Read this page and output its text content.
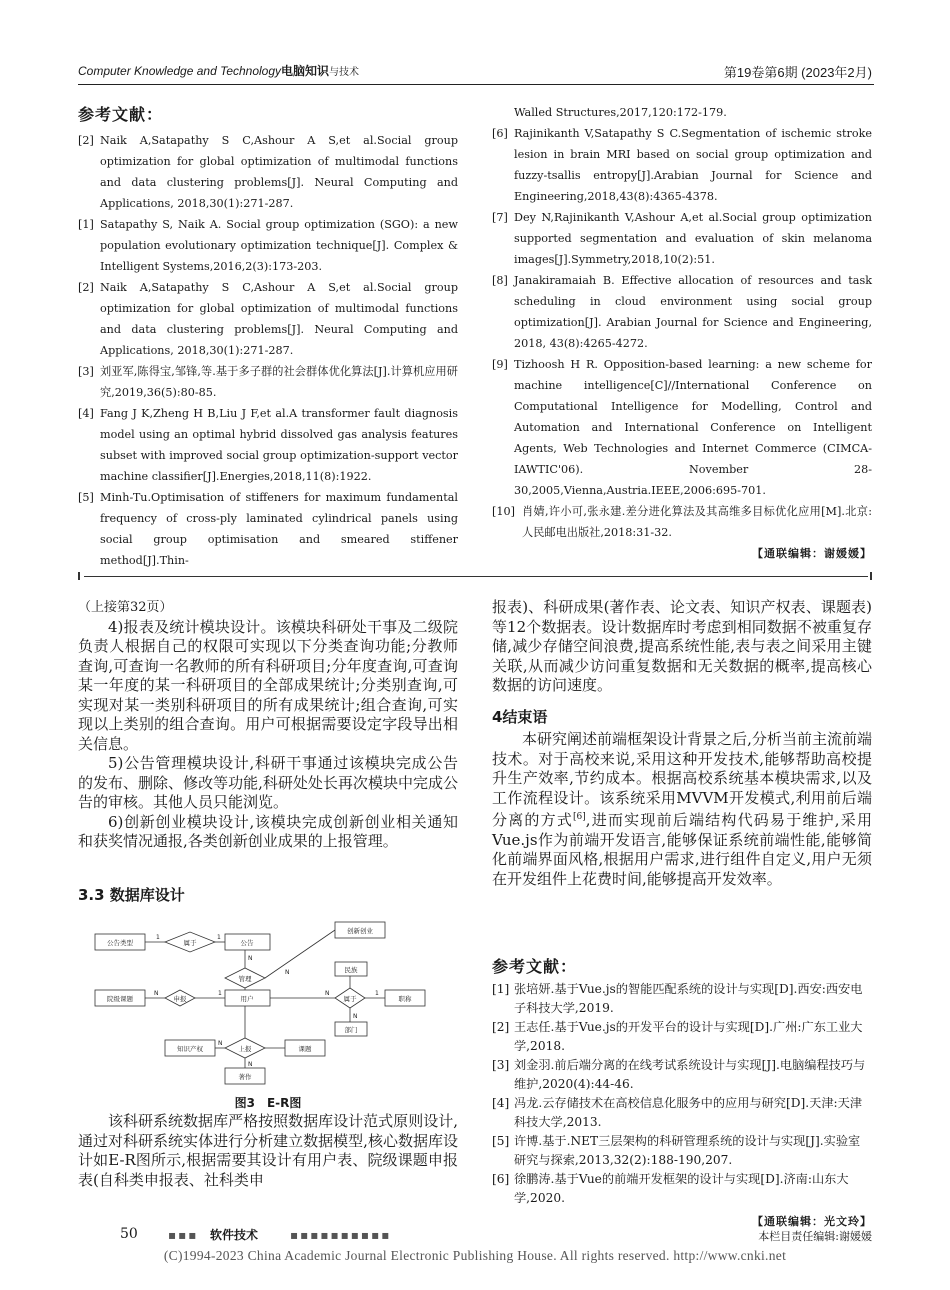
Computer Knowledge and Technology电脑知识与技术	第19卷第6期 (2023年2月)
参考文献：
[2] Naik A,Satapathy S C,Ashour A S,et al.Social group optimization for global optimization of multimodal functions and data clustering problems[J]. Neural Computing and Applications, 2018,30(1):271-287.
[1] Satapathy S, Naik A. Social group optimization (SGO): a new population evolutionary optimization technique[J]. Complex & Intelligent Systems,2016,2(3):173-203.
[2] Naik A,Satapathy S C,Ashour A S,et al.Social group optimization for global optimization of multimodal functions and data clustering problems[J]. Neural Computing and Applications, 2018,30(1):271-287.
[3] 刘亚军,陈得宝,邹锋,等.基于多子群的社会群体优化算法[J].计算机应用研究,2019,36(5):80-85.
[4] Fang J K,Zheng H B,Liu J F,et al.A transformer fault diagnosis model using an optimal hybrid dissolved gas analysis features subset with improved social group optimization-support vector machine classifier[J].Energies,2018,11(8):1922.
[5] Minh-Tu.Optimisation of stiffeners for maximum fundamental frequency of cross-ply laminated cylindrical panels using social group optimisation and smeared stiffener method[J].Thin-
Walled Structures,2017,120:172-179.
[6] Rajinikanth V,Satapathy S C.Segmentation of ischemic stroke lesion in brain MRI based on social group optimization and fuzzy-tsallis entropy[J].Arabian Journal for Science and Engineering,2018,43(8):4365-4378.
[7] Dey N,Rajinikanth V,Ashour A,et al.Social group optimization supported segmentation and evaluation of skin melanoma images[J].Symmetry,2018,10(2):51.
[8] Janakiramaiah B. Effective allocation of resources and task scheduling in cloud environment using social group optimization[J]. Arabian Journal for Science and Engineering, 2018, 43(8):4265-4272.
[9] Tizhoosh H R. Opposition-based learning: a new scheme for machine intelligence[C]//International Conference on Computational Intelligence for Modelling, Control and Automation and International Conference on Intelligent Agents, Web Technologies and Internet Commerce (CIMCA-IAWTIC'06). November 28-30,2005,Vienna,Austria.IEEE,2006:695-701.
[10] 肖婧,许小可,张永建.差分进化算法及其高维多目标优化应用[M].北京:人民邮电出版社,2018:31-32.
【通联编辑：谢媛媛】

（上接第32页）

4)报表及统计模块设计。该模块科研处干事及二级院负责人根据自己的权限可实现以下分类查询功能;分教师查询,可查询一名教师的所有科研项目;分年度查询,可查询某一年度的某一科研项目的全部成果统计;分类别查询,可实现对某一类别科研项目的所有成果统计;组合查询,可实现以上类别的组合查询。用户可根据需要设定字段导出相关信息。

5)公告管理模块设计,科研干事通过该模块完成公告的发布、删除、修改等功能,科研处处长再次模块中完成公告的审核。其他人员只能浏览。

6)创新创业模块设计,该模块完成创新创业相关通知和获奖情况通报,各类创新创业成果的上报管理。

3.3 数据库设计
公告类型	公告
创新创业
院级课题	用户
民族
职称
部门
知识产权	课题
著作
属于
管理
申报	属于
上报
1	1
N
N
N	1	N	1
N
N
N
图3　E-R图

该科研系统数据库严格按照数据库设计范式原则设计,通过对科研系统实体进行分析建立数据模型,核心数据库设计如E-R图所示,根据需要其设计有用户表、院级课题申报表(自科类申报表、社科类申

报表)、科研成果(著作表、论文表、知识产权表、课题表)等12个数据表。设计数据库时考虑到相同数据不被重复存储,减少存储空间浪费,提高系统性能,表与表之间采用主键关联,从而减少访问重复数据和无关数据的概率,提高核心数据的访问速度。

4结束语

本研究阐述前端框架设计背景之后,分析当前主流前端技术。对于高校来说,采用这种开发技术,能够帮助高校提升生产效率,节约成本。根据高校系统基本模块需求,以及工作流程设计。该系统采用MVVM开发模式,利用前后端分离的方式[6],进而实现前后端结构代码易于维护,采用Vue.js作为前端开发语言,能够保证系统前端性能,能够简化前端界面风格,根据用户需求,进行组件自定义,用户无须在开发组件上花费时间,能够提高开发效率。

参考文献：
[1] 张培妍.基于Vue.js的智能匹配系统的设计与实现[D].西安:西安电子科技大学,2019.
[2] 王志任.基于Vue.js的开发平台的设计与实现[D].广州:广东工业大学,2018.
[3] 刘金羽.前后端分离的在线考试系统设计与实现[J].电脑编程技巧与维护,2020(4):44-46.
[4] 冯龙.云存储技术在高校信息化服务中的应用与研究[D].天津:天津科技大学,2013.
[5] 许博.基于.NET三层架构的科研管理系统的设计与实现[J].实验室研究与探索,2013,32(2):188-190,207.
[6] 徐鹏涛.基于Vue的前端开发框架的设计与实现[D].济南:山东大学,2020.
【通联编辑：光文玲】
50	▪▪▪ 软件技术	▪▪▪▪▪▪▪▪▪▪	本栏目责任编辑:谢媛媛
(C)1994-2023 China Academic Journal Electronic Publishing House. All rights reserved. http://www.cnki.net
